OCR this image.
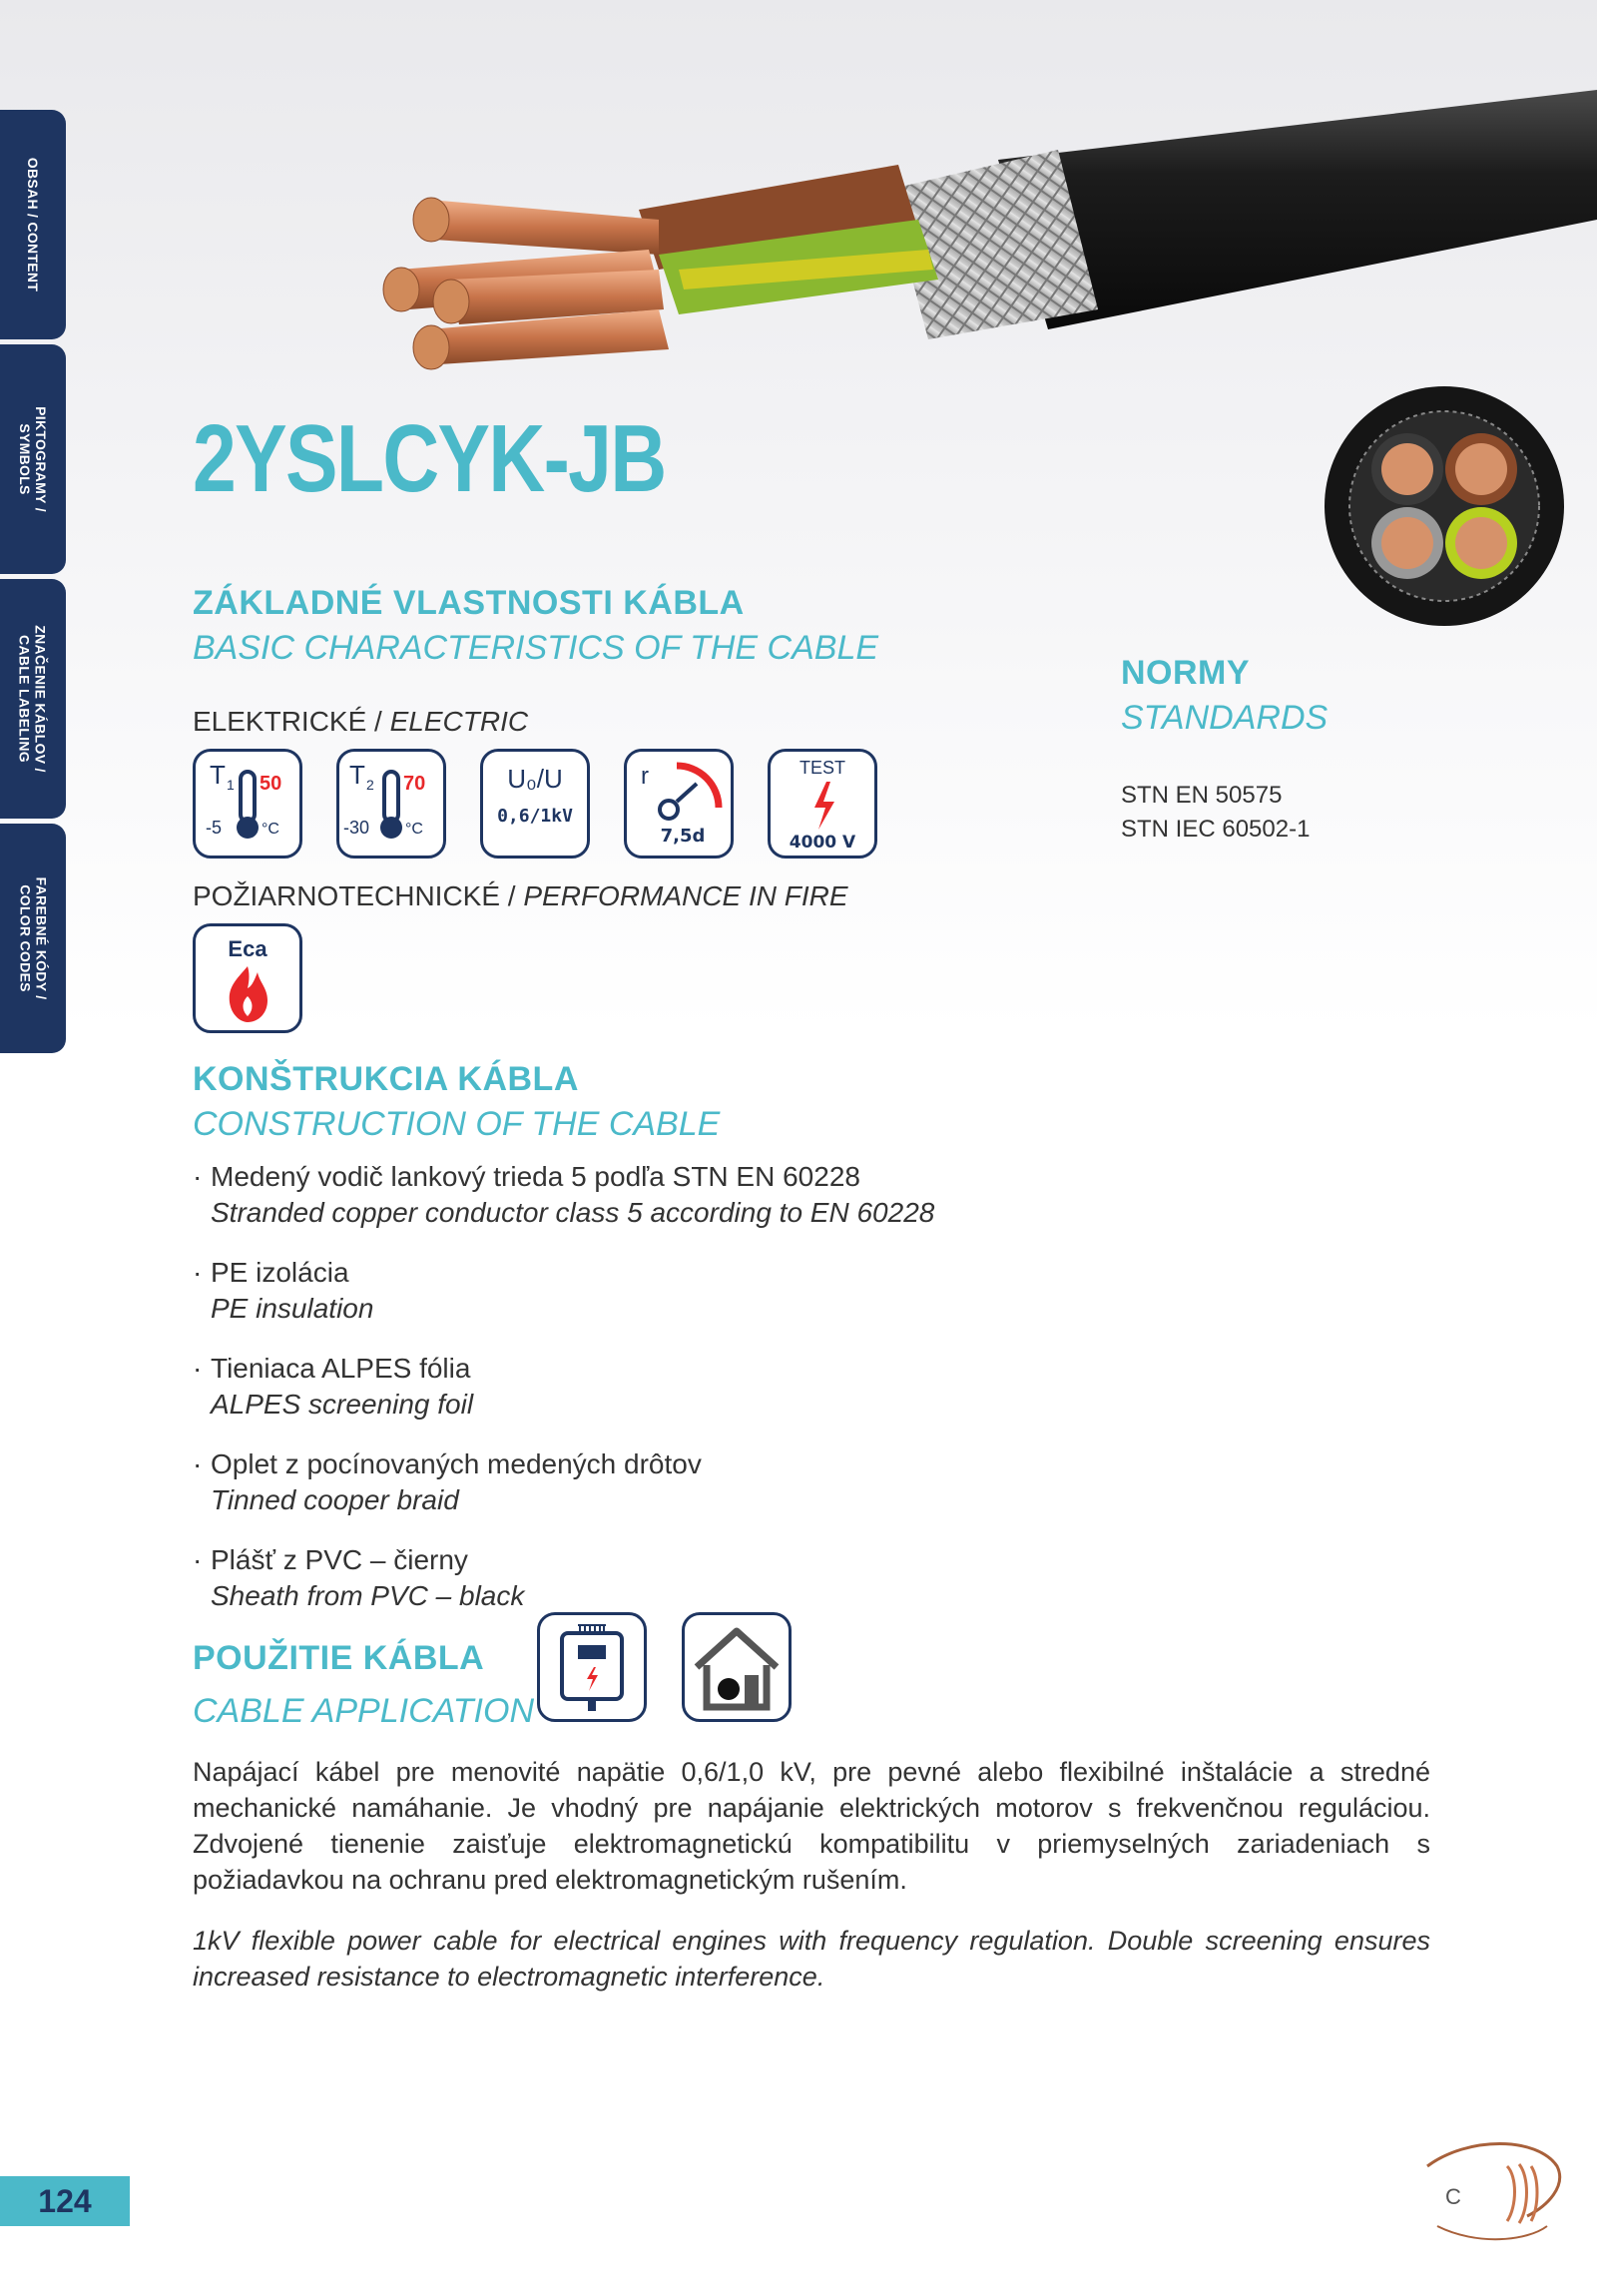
OBSAH / CONTENT
PIKTOGRAMY /
SYMBOLS
ZNAČENIE KÁBLOV /
CABLE LABELING
FAREBNÉ KÓDY /
COLOR CODES
2YSLCYK-JB
ZÁKLADNÉ VLASTNOSTI KÁBLA
BASIC CHARACTERISTICS OF THE CABLE
ELEKTRICKÉ / ELECTRIC
T 1 50
-5 °C
T 2 70
-30 °C
U₀/U
0,6/1kV
r
7,5d
TEST
4000 V
POŽIARNOTECHNICKÉ / PERFORMANCE IN FIRE
Eca
NORMY
STANDARDS
STN EN 50575
STN IEC 60502-1
KONŠTRUKCIA KÁBLA
CONSTRUCTION OF THE CABLE
· Medený vodič lankový trieda 5 podľa STN EN 60228
Stranded copper conductor class 5 according to EN 60228
· PE izolácia
PE insulation
· Tieniaca ALPES fólia
ALPES screening foil
· Oplet z pocínovaných medených drôtov
Tinned cooper braid
· Plášť z PVC – čierny
Sheath from PVC – black
POUŽITIE KÁBLA
CABLE APPLICATION
Napájací kábel pre menovité napätie 0,6/1,0 kV, pre pevné alebo flexibilné inštalácie a stredné mechanické namáhanie. Je vhodný pre napájanie elektrických motorov s frekvenčnou reguláciou. Zdvojené tienenie zaisťuje elektromagnetickú kompatibilitu v priemyselných zariadeniach s požiadavkou na ochranu pred elektromagnetickým rušením.
1kV flexible power cable for electrical engines with frequency regulation. Double screening ensures increased resistance to electromagnetic interference.
124	C
